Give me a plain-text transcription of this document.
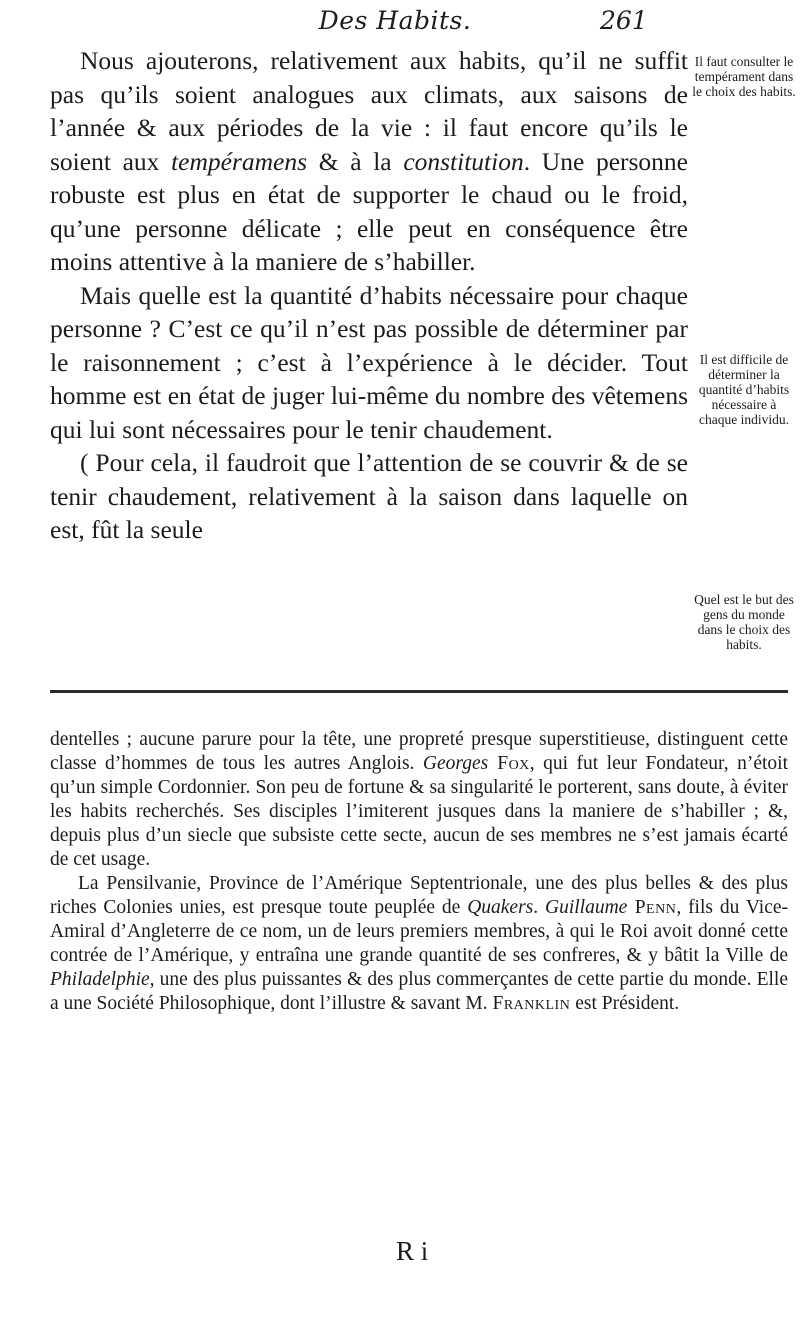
Des Habits.	261

Nous ajouterons, relativement aux habits, qu’il ne suffit pas qu’ils soient analogues aux climats, aux saisons de l’année & aux périodes de la vie : il faut encore qu’ils le soient aux tempéramens & à la constitution. Une personne robuste est plus en état de supporter le chaud ou le froid, qu’une personne délicate ; elle peut en conséquence être moins attentive à la maniere de s’habiller.

Mais quelle est la quantité d’habits nécessaire pour chaque personne ? C’est ce qu’il n’est pas possible de déterminer par le raisonnement ; c’est à l’expérience à le décider. Tout homme est en état de juger lui-même du nombre des vêtemens qui lui sont nécessaires pour le tenir chaudement.

( Pour cela, il faudroit que l’attention de se couvrir & de se tenir chaudement, relativement à la saison dans laquelle on est, fût la seule

Il faut consulter le tempérament dans le choix des habits.
Il est difficile de déterminer la quantité d’habits nécessaire à chaque individu.
Quel est le but des gens du monde dans le choix des habits.

dentelles ; aucune parure pour la tête, une propreté presque superstitieuse, distinguent cette classe d’hommes de tous les autres Anglois. Georges Fox, qui fut leur Fondateur, n’étoit qu’un simple Cordonnier. Son peu de fortune & sa singularité le porterent, sans doute, à éviter les habits recherchés. Ses disciples l’imiterent jusques dans la maniere de s’habiller ; &, depuis plus d’un siecle que subsiste cette secte, aucun de ses membres ne s’est jamais écarté de cet usage.

La Pensilvanie, Province de l’Amérique Septentrionale, une des plus belles & des plus riches Colonies unies, est presque toute peuplée de Quakers. Guillaume Penn, fils du Vice-Amiral d’Angleterre de ce nom, un de leurs premiers membres, à qui le Roi avoit donné cette contrée de l’Amérique, y entraîna une grande quantité de ses confreres, & y bâtit la Ville de Philadelphie, une des plus puissantes & des plus commerçantes de cette partie du monde. Elle a une Société Philosophique, dont l’illustre & savant M. Franklin est Président.

R i
